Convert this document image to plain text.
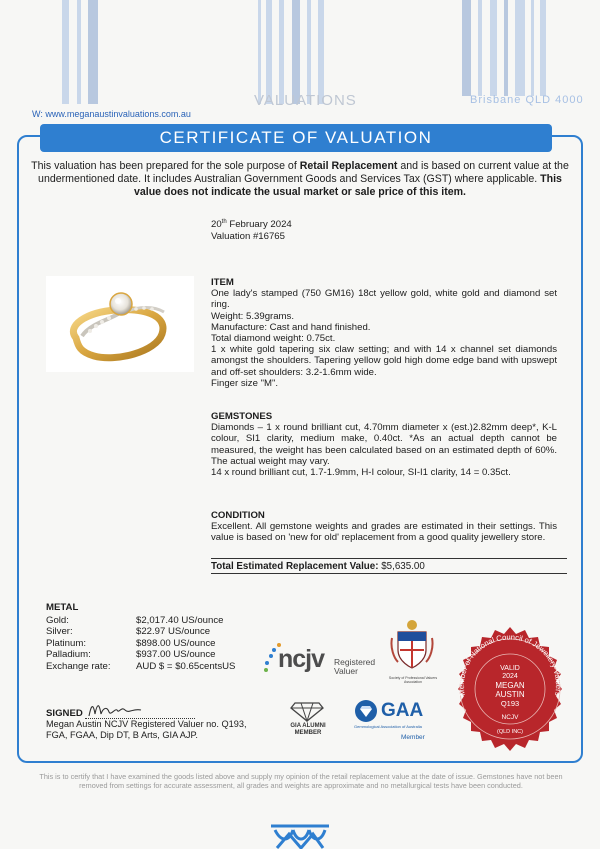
VALUATIONS	Brisbane QLD 4000
W: www.meganaustinvaluations.com.au
CERTIFICATE OF VALUATION
This valuation has been prepared for the sole purpose of Retail Replacement and is based on current value at the undermentioned date. It includes Australian Government Goods and Services Tax (GST) where applicable. This value does not indicate the usual market or sale price of this item.
20th February 2024
Valuation #16765
ITEM

One lady's stamped (750 GM16) 18ct yellow gold, white gold and diamond set ring.

Weight: 5.39grams.

Manufacture: Cast and hand finished.

Total diamond weight: 0.75ct.

1 x white gold tapering six claw setting; and with 14 x channel set diamonds amongst the shoulders. Tapering yellow gold high dome edge band with upswept and off-set shoulders: 3.2-1.6mm wide.

Finger size "M".

GEMSTONES

Diamonds – 1 x round brilliant cut, 4.70mm diameter x (est.)2.82mm deep*, K-L colour, SI1 clarity, medium make, 0.40ct. *As an actual depth cannot be measured, the weight has been calculated based on an estimated depth of 60%. The actual weight may vary.

14 x round brilliant cut, 1.7-1.9mm, H-I colour, SI-I1 clarity, 14 = 0.35ct.

CONDITION

Excellent. All gemstone weights and grades are estimated in their settings. This value is based on 'new for old' replacement from a good quality jewellery store.

Total Estimated Replacement Value: $5,635.00
METAL
Gold:	$2,017.40 US/ounce
Silver:	$22.97 US/ounce
Platinum:	$898.00 US/ounce
Palladium:	$937.00 US/ounce
Exchange rate:	AUD $ = $0.65centsUS
SIGNED
Megan Austin NCJV Registered Valuer no. Q193,
FGA, FGAA, Dip DT, B Arts, GIA AJP.
ncjv Registered
Valuer
Society of Professional Valuers Association
GIA ALUMNI MEMBER
GAA
Gemmological Association of Australia
Member
Member of National Council of Jewellery Valuers
VALID
2024
MEGAN
AUSTIN
Q193
NCJV
(QLD INC)
This is to certify that I have examined the goods listed above and supply my opinion of the retail replacement value at the date of issue. Gemstones have not been removed from settings for accurate assessment, all grades and weights are approximate and no metallurgical tests have been conducted.
